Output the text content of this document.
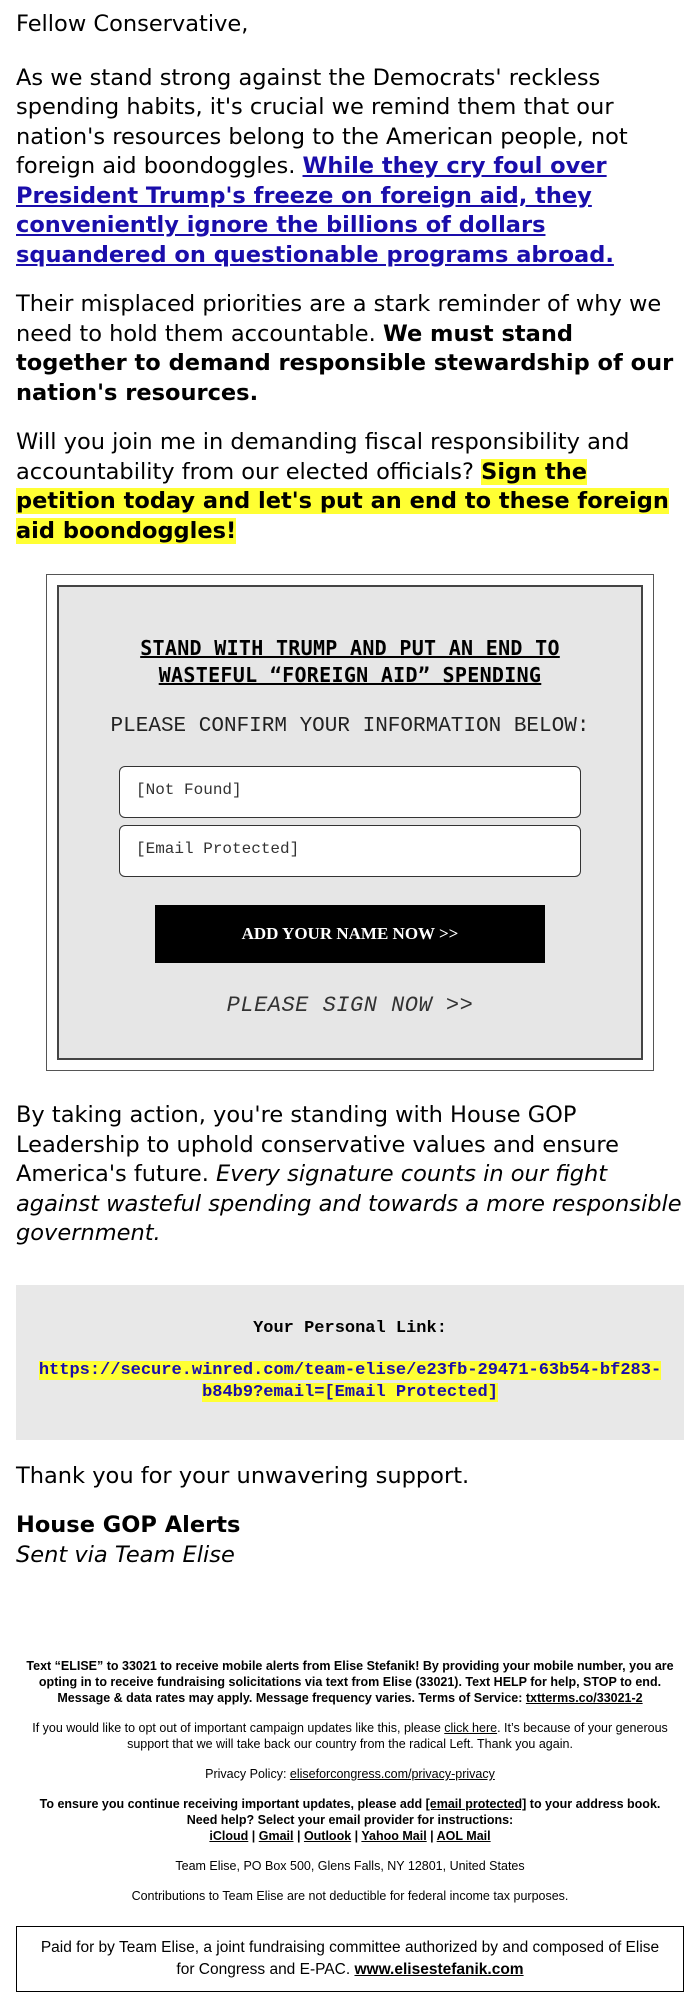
Fellow Conservative,

As we stand strong against the Democrats' reckless spending habits, it's crucial we remind them that our nation's resources belong to the American people, not foreign aid boondoggles. While they cry foul over President Trump's freeze on foreign aid, they conveniently ignore the billions of dollars squandered on questionable programs abroad.

Their misplaced priorities are a stark reminder of why we need to hold them accountable. We must stand together to demand responsible stewardship of our nation's resources.

Will you join me in demanding fiscal responsibility and accountability from our elected officials? Sign the petition today and let's put an end to these foreign aid boondoggles!

STAND WITH TRUMP AND PUT AN END TO WASTEFUL “FOREIGN AID” SPENDING
PLEASE CONFIRM YOUR INFORMATION BELOW:
[Not Found]
[Email Protected]
ADD YOUR NAME NOW >>
PLEASE SIGN NOW >>

By taking action, you're standing with House GOP Leadership to uphold conservative values and ensure America's future. Every signature counts in our fight against wasteful spending and towards a more responsible government.

Your Personal Link:
https://secure.winred.com/team-elise/e23fb-29471-63b54-bf283-b84b9?email=[Email Protected]

Thank you for your unwavering support.

House GOP Alerts
Sent via Team Elise

Text “ELISE” to 33021 to receive mobile alerts from Elise Stefanik! By providing your mobile number, you are opting in to receive fundraising solicitations via text from Elise (33021). Text HELP for help, STOP to end. Message & data rates may apply. Message frequency varies. Terms of Service: txtterms.co/33021-2

If you would like to opt out of important campaign updates like this, please click here. It’s because of your generous support that we will take back our country from the radical Left. Thank you again.

Privacy Policy: eliseforcongress.com/privacy-privacy

To ensure you continue receiving important updates, please add [email protected] to your address book. Need help? Select your email provider for instructions:
iCloud | Gmail | Outlook | Yahoo Mail | AOL Mail

Team Elise, PO Box 500, Glens Falls, NY 12801, United States

Contributions to Team Elise are not deductible for federal income tax purposes.

Paid for by Team Elise, a joint fundraising committee authorized by and composed of Elise for Congress and E-PAC. www.elisestefanik.com
